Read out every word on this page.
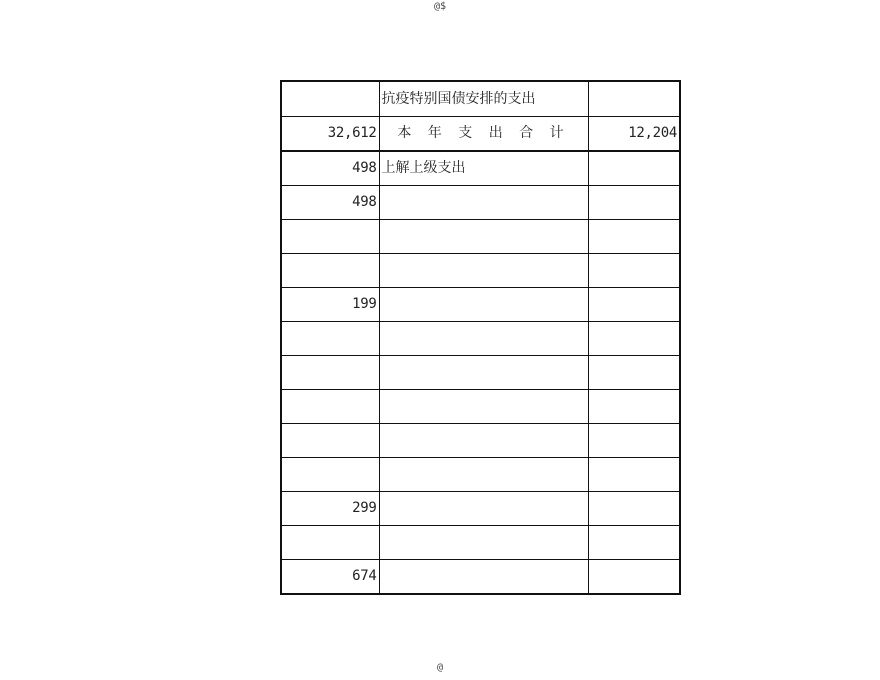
@$
	抗疫特别国债安排的支出	
32,612	本 年 支 出 合 计	12,204
498	上解上级支出	
498		

199		

299		

674		
@
